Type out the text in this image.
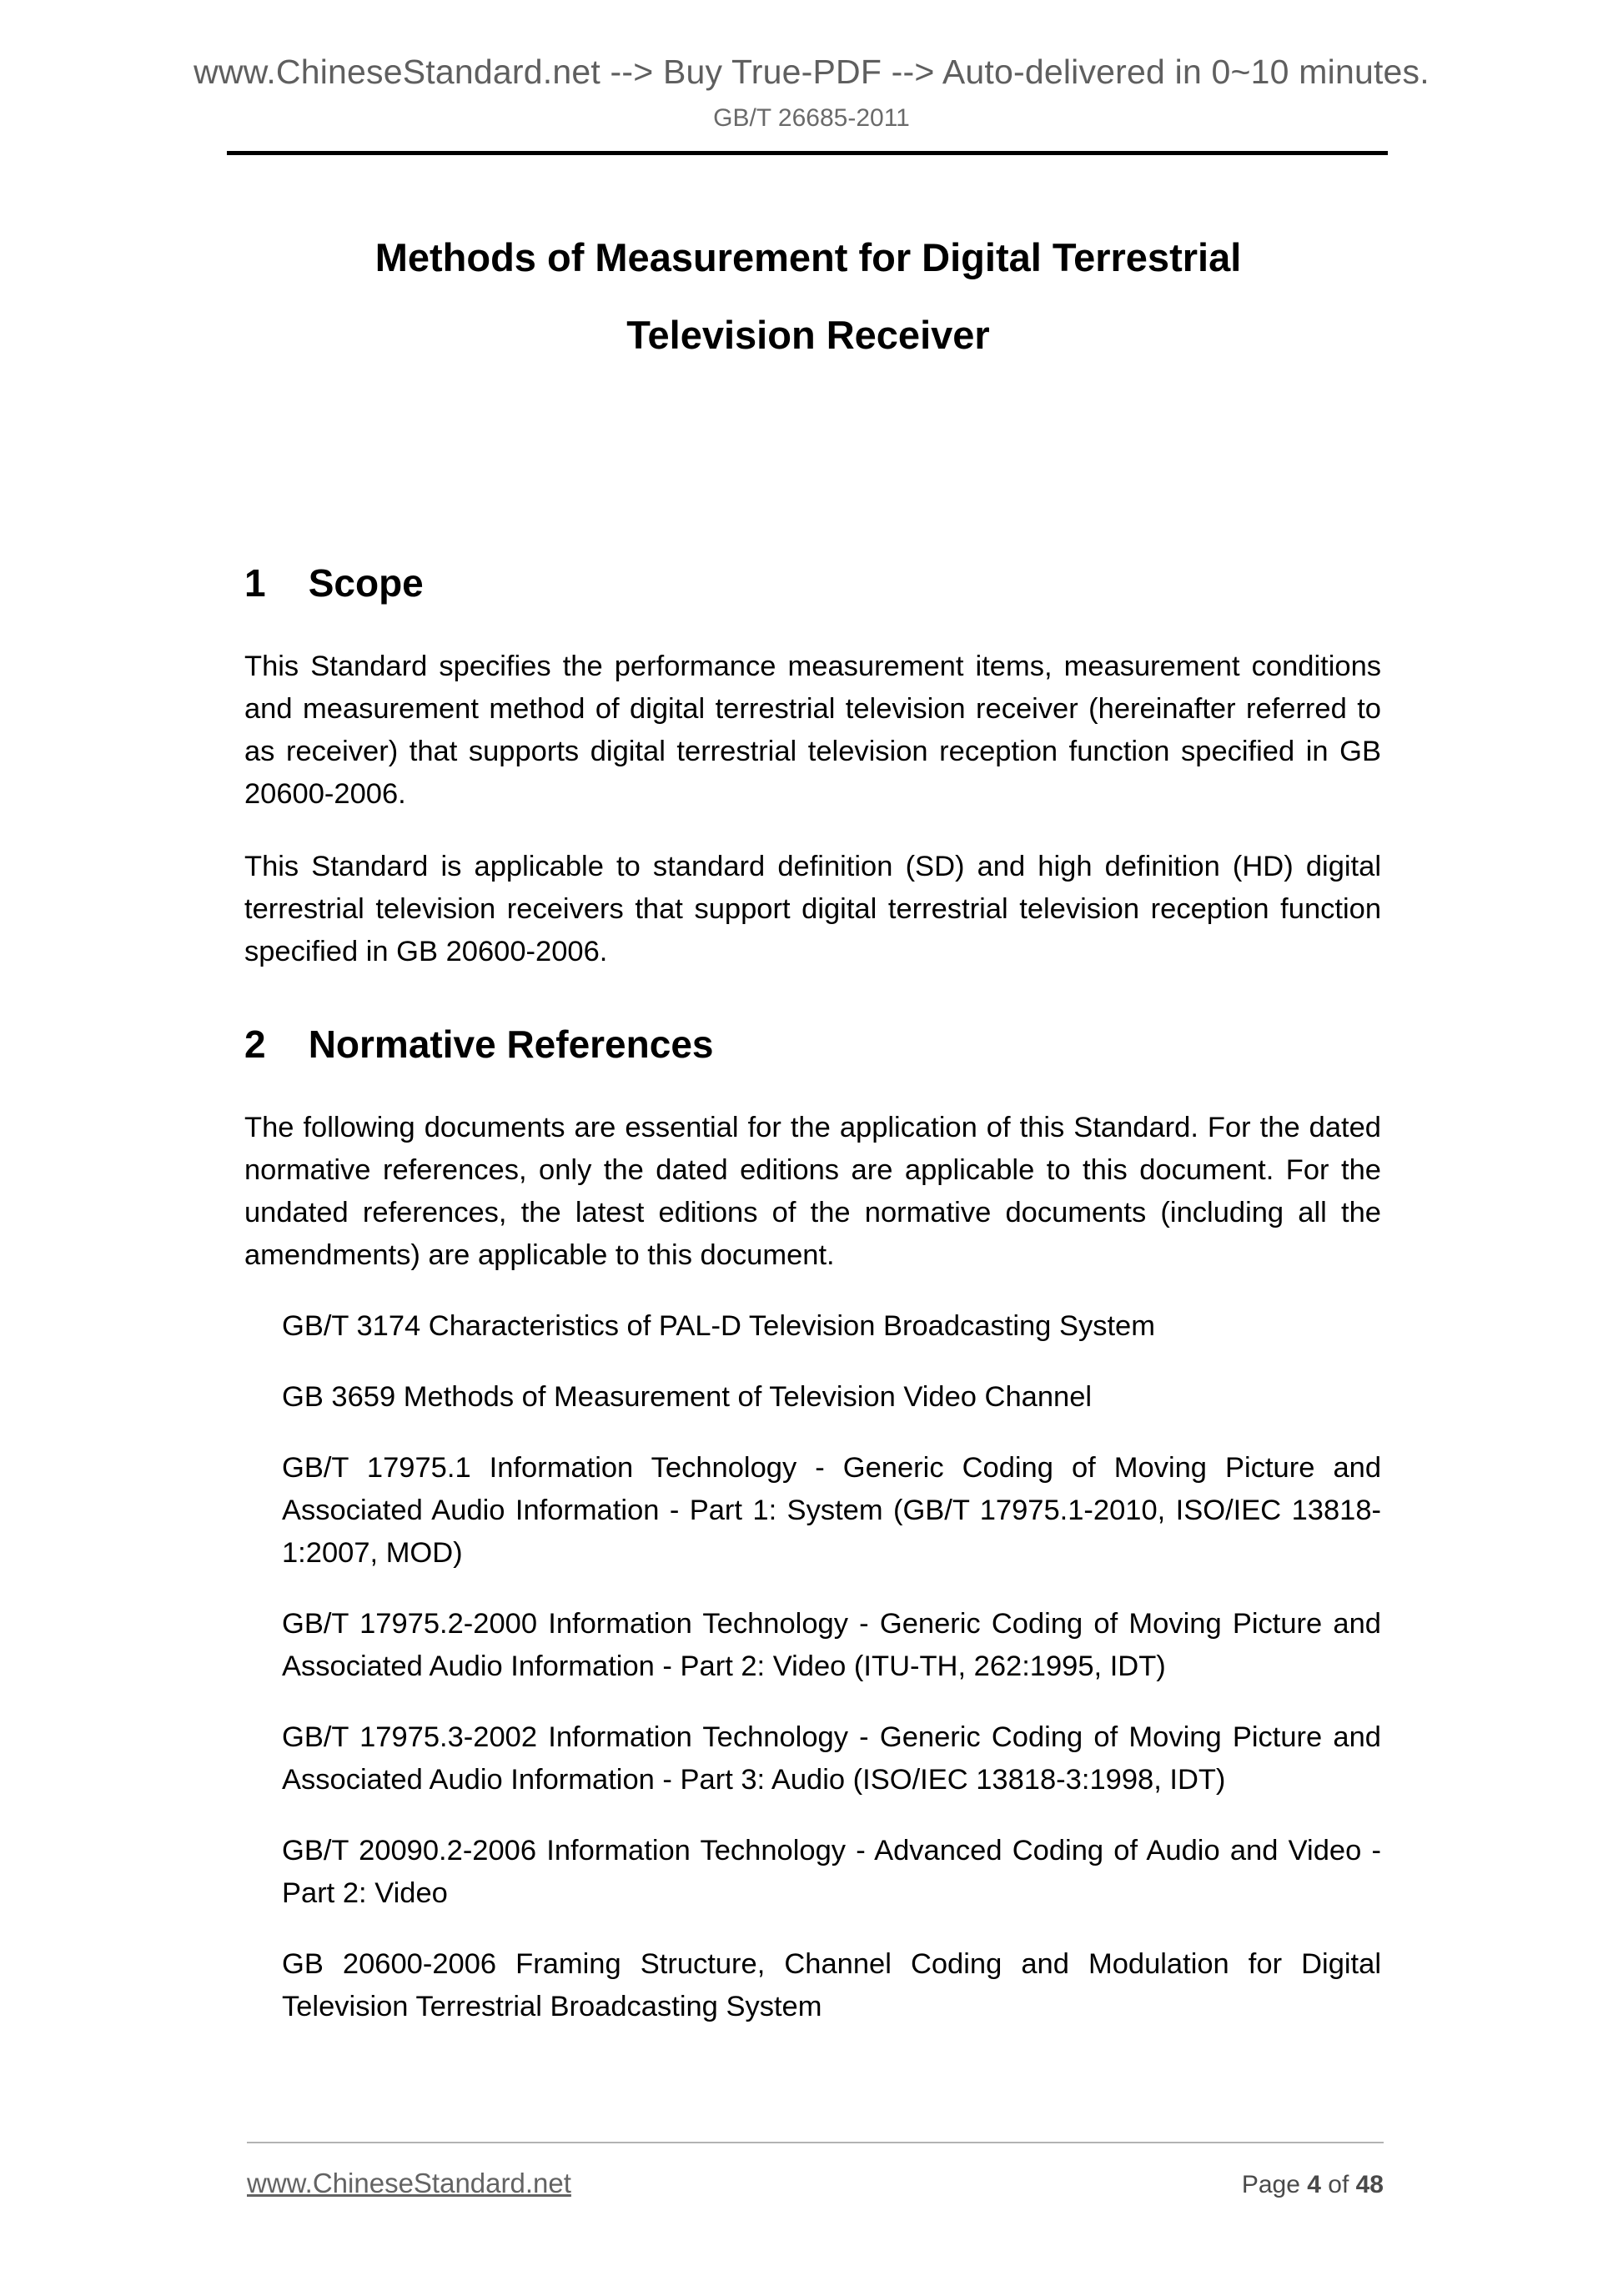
www.ChineseStandard.net --> Buy True-PDF --> Auto-delivered in 0~10 minutes.
GB/T 26685-2011
Methods of Measurement for Digital Terrestrial
Television Receiver
1    Scope

This Standard specifies the performance measurement items, measurement conditions and measurement method of digital terrestrial television receiver (hereinafter referred to as receiver) that supports digital terrestrial television reception function specified in GB 20600-2006.

This Standard is applicable to standard definition (SD) and high definition (HD) digital terrestrial television receivers that support digital terrestrial television reception function specified in GB 20600-2006.

2    Normative References

The following documents are essential for the application of this Standard. For the dated normative references, only the dated editions are applicable to this document. For the undated references, the latest editions of the normative documents (including all the amendments) are applicable to this document.

GB/T 3174 Characteristics of PAL-D Television Broadcasting System

GB 3659 Methods of Measurement of Television Video Channel

GB/T 17975.1 Information Technology - Generic Coding of Moving Picture and Associated Audio Information - Part 1: System (GB/T 17975.1-2010, ISO/IEC 13818-1:2007, MOD)

GB/T 17975.2-2000 Information Technology - Generic Coding of Moving Picture and Associated Audio Information - Part 2: Video (ITU-TH, 262:1995, IDT)

GB/T 17975.3-2002 Information Technology - Generic Coding of Moving Picture and Associated Audio Information - Part 3: Audio (ISO/IEC 13818-3:1998, IDT)

GB/T 20090.2-2006 Information Technology - Advanced Coding of Audio and Video - Part 2: Video

GB 20600-2006 Framing Structure, Channel Coding and Modulation for Digital Television Terrestrial Broadcasting System

www.ChineseStandard.net	Page 4 of 48
